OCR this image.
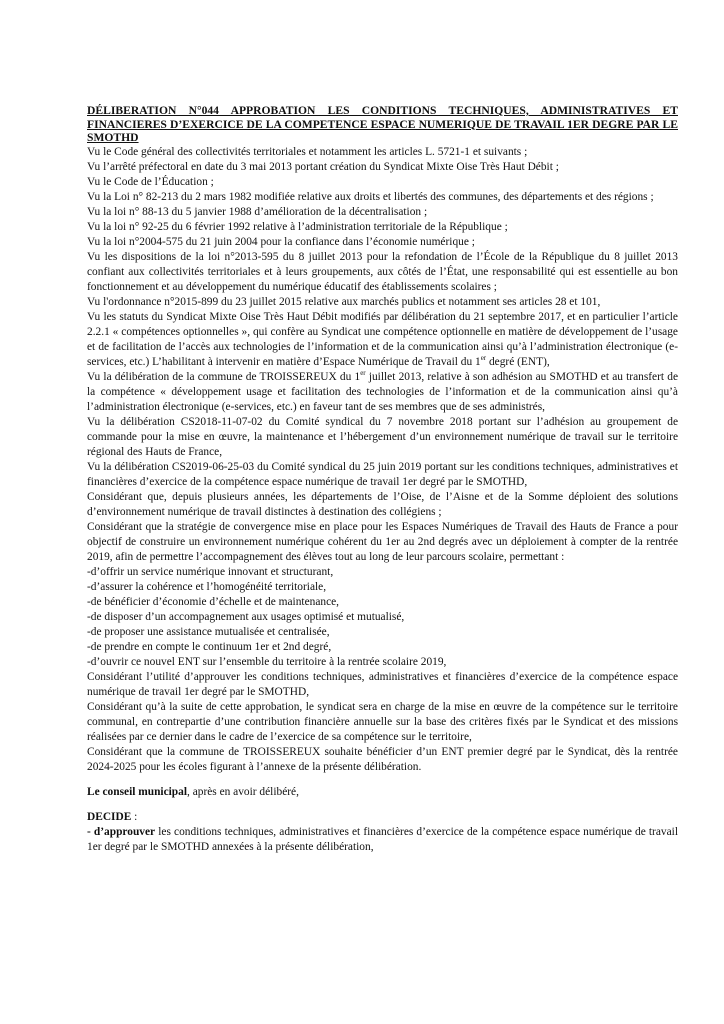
DÉLIBERATION N°044 APPROBATION LES CONDITIONS TECHNIQUES, ADMINISTRATIVES ET FINANCIERES D’EXERCICE DE LA COMPETENCE ESPACE NUMERIQUE DE TRAVAIL 1ER DEGRE PAR LE SMOTHD

Vu le Code général des collectivités territoriales et notamment les articles L. 5721-1 et suivants ;

Vu l’arrêté préfectoral en date du 3 mai 2013 portant création du Syndicat Mixte Oise Très Haut Débit ;

Vu le Code de l’Éducation ;

Vu la Loi n° 82-213 du 2 mars 1982 modifiée relative aux droits et libertés des communes, des départements et des régions ;

Vu la loi n° 88-13 du 5 janvier 1988 d’amélioration de la décentralisation ;

Vu la loi n° 92-25 du 6 février 1992 relative à l’administration territoriale de la République ;

Vu la loi n°2004-575 du 21 juin 2004 pour la confiance dans l’économie numérique ;

Vu les dispositions de la loi n°2013-595 du 8 juillet 2013 pour la refondation de l’École de la République du 8 juillet 2013 confiant aux collectivités territoriales et à leurs groupements, aux côtés de l’État, une responsabilité qui est essentielle au bon fonctionnement et au développement du numérique éducatif des établissements scolaires ;

Vu l'ordonnance n°2015-899 du 23 juillet 2015 relative aux marchés publics et notamment ses articles 28 et 101,

Vu les statuts du Syndicat Mixte Oise Très Haut Débit modifiés par délibération du 21 septembre 2017, et en particulier l’article 2.2.1 « compétences optionnelles », qui confère au Syndicat une compétence optionnelle en matière de développement de l’usage et de facilitation de l’accès aux technologies de l’information et de la communication ainsi qu’à l’administration électronique (e-services, etc.) L’habilitant à intervenir en matière d’Espace Numérique de Travail du 1er degré (ENT),

Vu la délibération de la commune de TROISSEREUX du 1er juillet 2013, relative à son adhésion au SMOTHD et au transfert de la compétence « développement usage et facilitation des technologies de l’information et de la communication ainsi qu’à l’administration électronique (e-services, etc.) en faveur tant de ses membres que de ses administrés,

Vu la délibération CS2018-11-07-02 du Comité syndical du 7 novembre 2018 portant sur l’adhésion au groupement de commande pour la mise en œuvre, la maintenance et l’hébergement d’un environnement numérique de travail sur le territoire régional des Hauts de France,

Vu la délibération CS2019-06-25-03 du Comité syndical du 25 juin 2019 portant sur les conditions techniques, administratives et financières d’exercice de la compétence espace numérique de travail 1er degré par le SMOTHD,

Considérant que, depuis plusieurs années, les départements de l’Oise, de l’Aisne et de la Somme déploient des solutions d’environnement numérique de travail distinctes à destination des collégiens ;

Considérant que la stratégie de convergence mise en place pour les Espaces Numériques de Travail des Hauts de France a pour objectif de construire un environnement numérique cohérent du 1er au 2nd degrés avec un déploiement à compter de la rentrée 2019, afin de permettre l’accompagnement des élèves tout au long de leur parcours scolaire, permettant :

-d’offrir un service numérique innovant et structurant,

-d’assurer la cohérence et l’homogénéité territoriale,

-de bénéficier d’économie d’échelle et de maintenance,

-de disposer d’un accompagnement aux usages optimisé et mutualisé,

-de proposer une assistance mutualisée et centralisée,

-de prendre en compte le continuum 1er et 2nd degré,

-d’ouvrir ce nouvel ENT sur l’ensemble du territoire à la rentrée scolaire 2019,

Considérant l’utilité d’approuver les conditions techniques, administratives et financières d’exercice de la compétence espace numérique de travail 1er degré par le SMOTHD,

Considérant qu’à la suite de cette approbation, le syndicat sera en charge de la mise en œuvre de la compétence sur le territoire communal, en contrepartie d’une contribution financière annuelle sur la base des critères fixés par le Syndicat et des missions réalisées par ce dernier dans le cadre de l’exercice de sa compétence sur le territoire,

Considérant que la commune de TROISSEREUX souhaite bénéficier d’un ENT premier degré par le Syndicat, dès la rentrée 2024-2025 pour les écoles figurant à l’annexe de la présente délibération.

Le conseil municipal, après en avoir délibéré,

DECIDE :

- d’approuver les conditions techniques, administratives et financières d’exercice de la compétence espace numérique de travail 1er degré par le SMOTHD annexées à la présente délibération,
